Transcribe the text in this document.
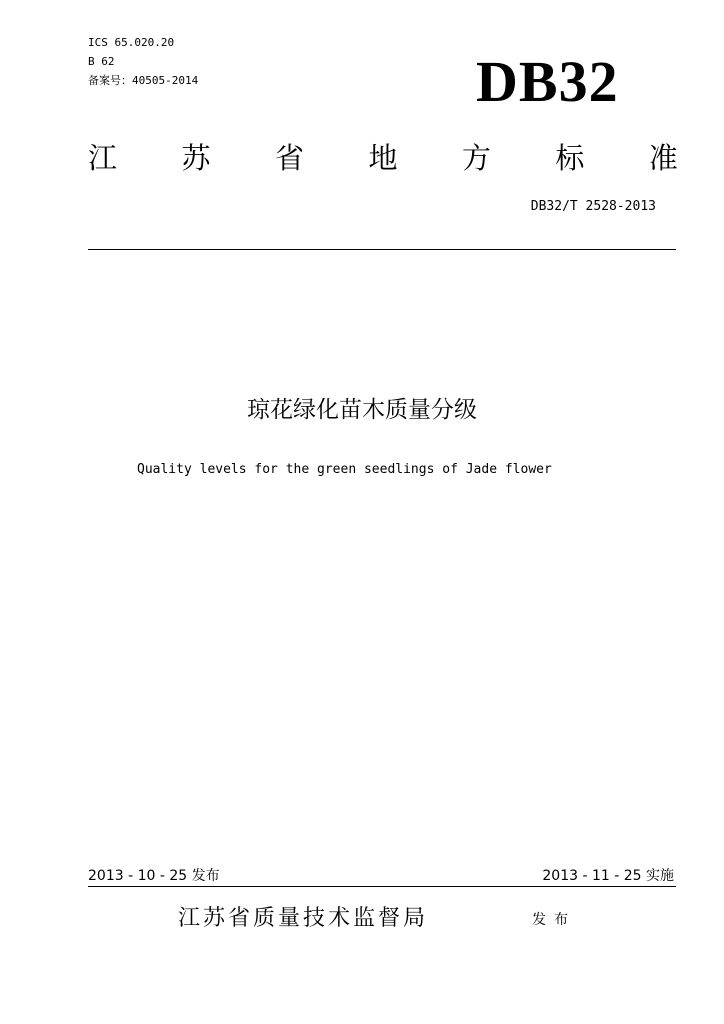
ICS 65.020.20
B 62
备案号：40505-2014	DB32
江 苏 省 地 方 标 准
DB32/T 2528-2013
琼花绿化苗木质量分级
Quality levels for the green seedlings of Jade flower
2013 - 10 - 25 发布	2013 - 11 - 25 实施
江苏省质量技术监督局	发布
